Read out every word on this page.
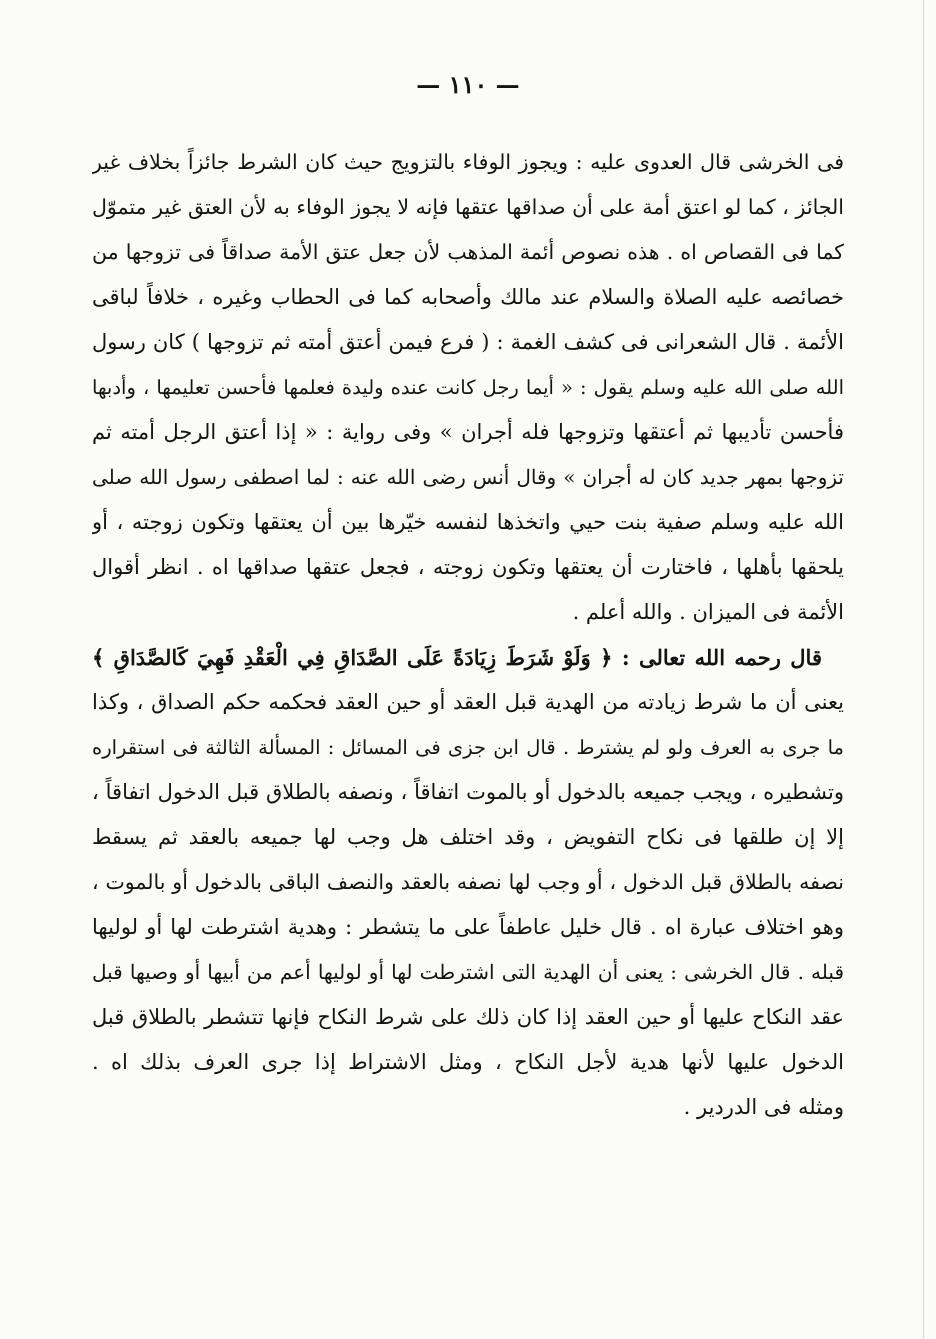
— ١١٠ —
فى الخرشى قال العدوى عليه : ويجوز الوفاء بالتزويج حيث كان الشرط جائزاً بخلاف غير
الجائز ، كما لو اعتق أمة على أن صداقها عتقها فإنه لا يجوز الوفاء به لأن العتق غير متموّل
كما فى القصاص اه . هذه نصوص أئمة المذهب لأن جعل عتق الأمة صداقاً فى تزوجها من
خصائصه عليه الصلاة والسلام عند مالك وأصحابه كما فى الحطاب وغيره ، خلافاً لباقى
الأئمة . قال الشعرانى فى كشف الغمة : ( فرع فيمن أعتق أمته ثم تزوجها ) كان رسول
الله صلى الله عليه وسلم يقول : « أيما رجل كانت عنده وليدة فعلمها فأحسن تعليمها ، وأدبها
فأحسن تأديبها ثم أعتقها وتزوجها فله أجران » وفى رواية : « إذا أعتق الرجل أمته ثم
تزوجها بمهر جديد كان له أجران » وقال أنس رضى الله عنه : لما اصطفى رسول الله صلى
الله عليه وسلم صفية بنت حيي واتخذها لنفسه خيّرها بين أن يعتقها وتكون زوجته ، أو
يلحقها بأهلها ، فاختارت أن يعتقها وتكون زوجته ، فجعل عتقها صداقها اه . انظر أقوال
الأئمة فى الميزان . والله أعلم .
قال رحمه الله تعالى : ﴿ وَلَوْ شَرَطَ زِيَادَةً عَلَى الصَّدَاقِ فِي الْعَقْدِ فَهِيَ كَالصَّدَاقِ ﴾
يعنى أن ما شرط زيادته من الهدية قبل العقد أو حين العقد فحكمه حكم الصداق ، وكذا
ما جرى به العرف ولو لم يشترط . قال ابن جزى فى المسائل : المسألة الثالثة فى استقراره
وتشطيره ، ويجب جميعه بالدخول أو بالموت اتفاقاً ، ونصفه بالطلاق قبل الدخول اتفاقاً ،
إلا إن طلقها فى نكاح التفويض ، وقد اختلف هل وجب لها جميعه بالعقد ثم يسقط
نصفه بالطلاق قبل الدخول ، أو وجب لها نصفه بالعقد والنصف الباقى بالدخول أو بالموت ،
وهو اختلاف عبارة اه . قال خليل عاطفاً على ما يتشطر : وهدية اشترطت لها أو لوليها
قبله . قال الخرشى : يعنى أن الهدية التى اشترطت لها أو لوليها أعم من أبيها أو وصيها قبل
عقد النكاح عليها أو حين العقد إذا كان ذلك على شرط النكاح فإنها تتشطر بالطلاق قبل
الدخول عليها لأنها هدية لأجل النكاح ، ومثل الاشتراط إذا جرى العرف بذلك اه .
ومثله فى الدردير .
